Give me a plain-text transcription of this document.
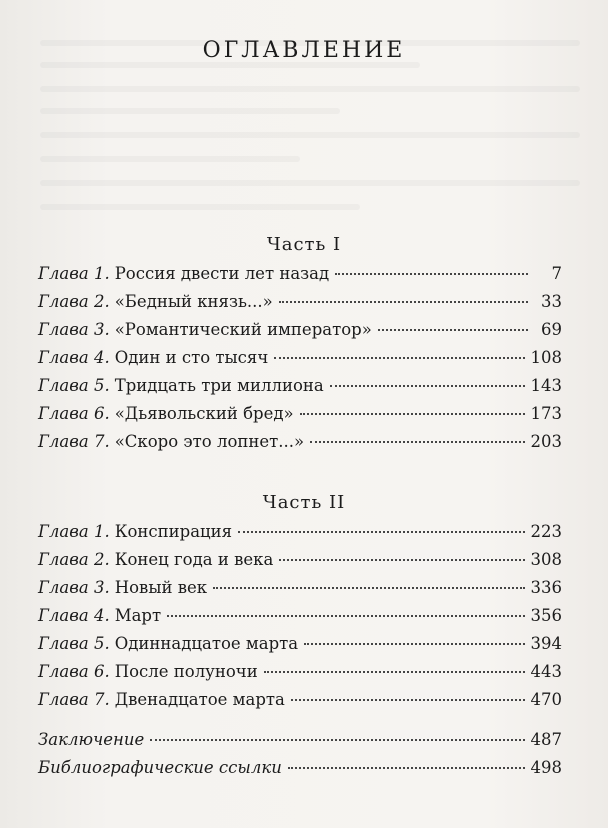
ОГЛАВЛЕНИЕ
Часть I
Глава 1. Россия двести лет назад	7
Глава 2. «Бедный князь...»	33
Глава 3. «Романтический император»	69
Глава 4. Один и сто тысяч	108
Глава 5. Тридцать три миллиона	143
Глава 6. «Дьявольский бред»	173
Глава 7. «Скоро это лопнет...»	203
Часть II
Глава 1. Конспирация	223
Глава 2. Конец года и века	308
Глава 3. Новый век	336
Глава 4. Март	356
Глава 5. Одиннадцатое марта	394
Глава 6. После полуночи	443
Глава 7. Двенадцатое марта	470
Заключение	487
Библиографические ссылки	498
